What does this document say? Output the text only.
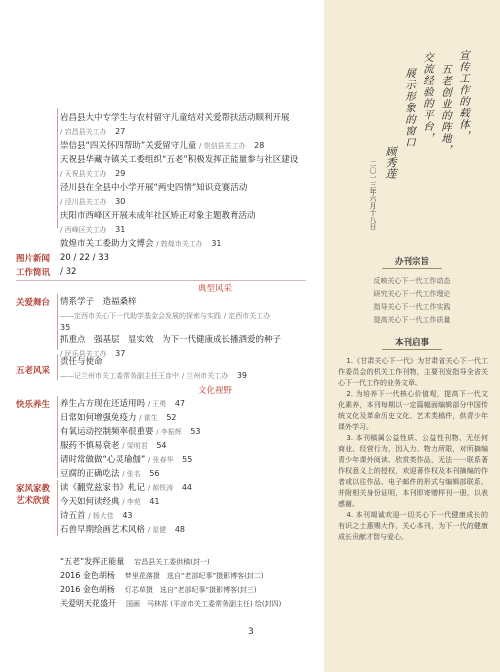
岩昌县大中专学生与农村留守儿童结对关爱帮扶活动顺利开展
/ 宕昌县关工办　 27
崇信县“四关怀四帮助”关爱留守儿童 / 崇信县关工办　 28
天祝县华藏寺镇关工委组织“五老”积极发挥正能量参与社区建设
/ 天祝县关工办　 29
泾川县在全县中小学开展“两史四情”知识竞赛活动
/ 泾川县关工办　 30
庆阳市西峰区开展未成年社区矫正对象主题教育活动
/ 西峰区关工办　 31
敦煌市关工委助力文博会 / 敦煌市关工办　 31
图片新闻 20 / 22 / 33
工作简讯 / 32
典型风采
关爱舞台 情系学子　造福桑梓
——定西市关心下一代助学基金会发展的探索与实践 / 定西市关工办
35
抓重点　强基层　显实效　为下一代健康成长播洒爱的种子
/ 民乐县关工办　 37
五老风采
责任与使命
——记兰州市关工委常务副主任王彦中 / 兰州市关工办　 39
文化视野
快乐养生 养生占方现在还适用吗 / 王勇　 47
日常如何增强免疫力 / 霍生　 52
有氧运动控制频率很重要 / 李振辉　 53
服药不慎易衰老 / 梁明君　 54
请时常做做“心灵瑜伽” / 张春华　 55
豆腐的正确吃法 / 张名　 56
家风家教
艺术欣赏
读《翻党兹家书》札记 / 郝铁涛　 44
今天如何读经典 / 李苑　 41
诗五首 / 杨大佳　 43
石兽早期绘画艺术风格 / 星健　 48
“五老”发挥正能量 宕昌县关工委供稿(封一)
2016 金色胡杨 梦里花落摄　选自“老部纪事”摄影博客(封二)
2016 金色胡杨 灯芯草摄　选自“老部纪事”摄影博客(封三)
关爱明天花盛开 国画　马林荪 (平凉市关工委常务副主任) 绘(封四)
3
宣传工作的载体，
五老创业的阵地，
交流经验的平台，
展示形象的窗口
顾秀莲
二〇一三年六月十八日
办刊宗旨
反映关心下一代工作动态
研究关心下一代工作理论
指导关心下一代工作实践
提高关心下一代工作质量
本刊启事

1.《甘肃关心下一代》为甘肃省关心下一代工作委员会的机关工作刊物，主要刊发指导全省关心下一代工作的业务文章。

2. 为培养下一代核心价值观，提高下一代文化素养，本刊每期以一定篇幅面编辑部分中国传统文化及革命历史文化、艺术类稿件，供青少年课外学习。

3. 本刊稿属公益性质、公益性刊物、无任何商业、经营行为，因人力、物力所限，对所摘编青少年课外阅读、欣赏类作品，无法一一联系著作权意义上的授权，欢迎著作权及本刊摘编的作者或以往作品、电子邮件的形式与编辑部联系，并附相关身份证明，本刊即寄赠样刊一册，以表感谢。

4. 本刊竭诚欢迎一切关心下一代健康成长的有识之士惠赐大作，关心本刊，为下一代的健康成长贡献才智与爱心。
